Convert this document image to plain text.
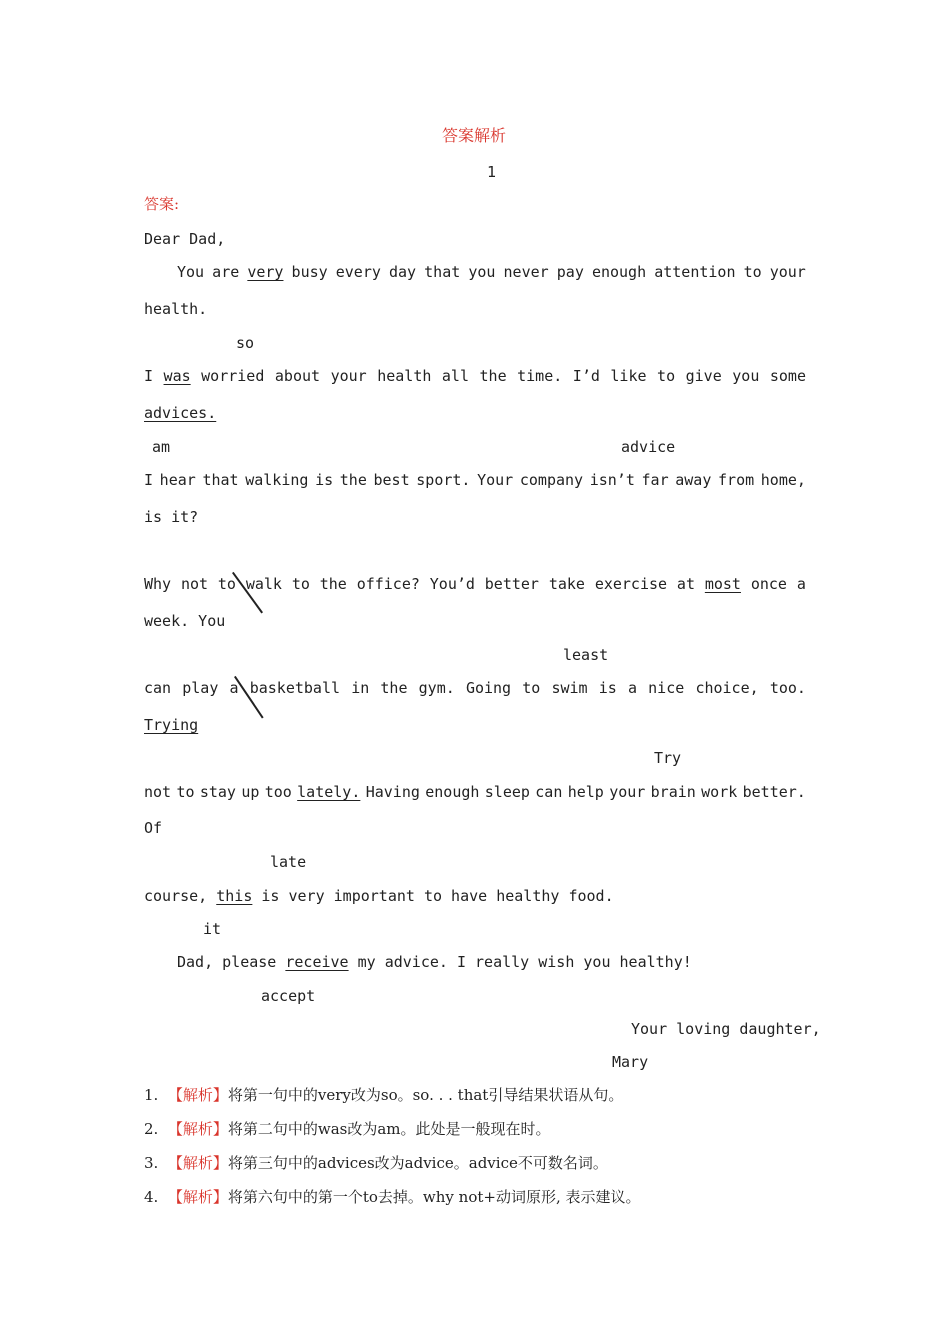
答案解析
1
答案:
Dear Dad,
You are very busy every day that you never pay enough attention to your
health.
so
I was worried about your health all the time. I’d like to give you some
advices.
am	advice
I hear that walking is the best sport. Your company isn’t far away from home,
is it?
Why not to walk to the office? You’d better take exercise at most once a
week. You
least
can play a basketball in the gym. Going to swim is a nice choice, too.
Trying
Try
not to stay up too lately. Having enough sleep can help your brain work better.
Of
late
course, this is very important to have healthy food.
it
Dad, please receive my advice. I really wish you healthy!
accept
Your loving daughter,
Mary
1. 【解析】将第一句中的very改为so。so. . . that引导结果状语从句。
2. 【解析】将第二句中的was改为am。此处是一般现在时。
3. 【解析】将第三句中的advices改为advice。advice不可数名词。
4. 【解析】将第六句中的第一个to去掉。why not+动词原形, 表示建议。
